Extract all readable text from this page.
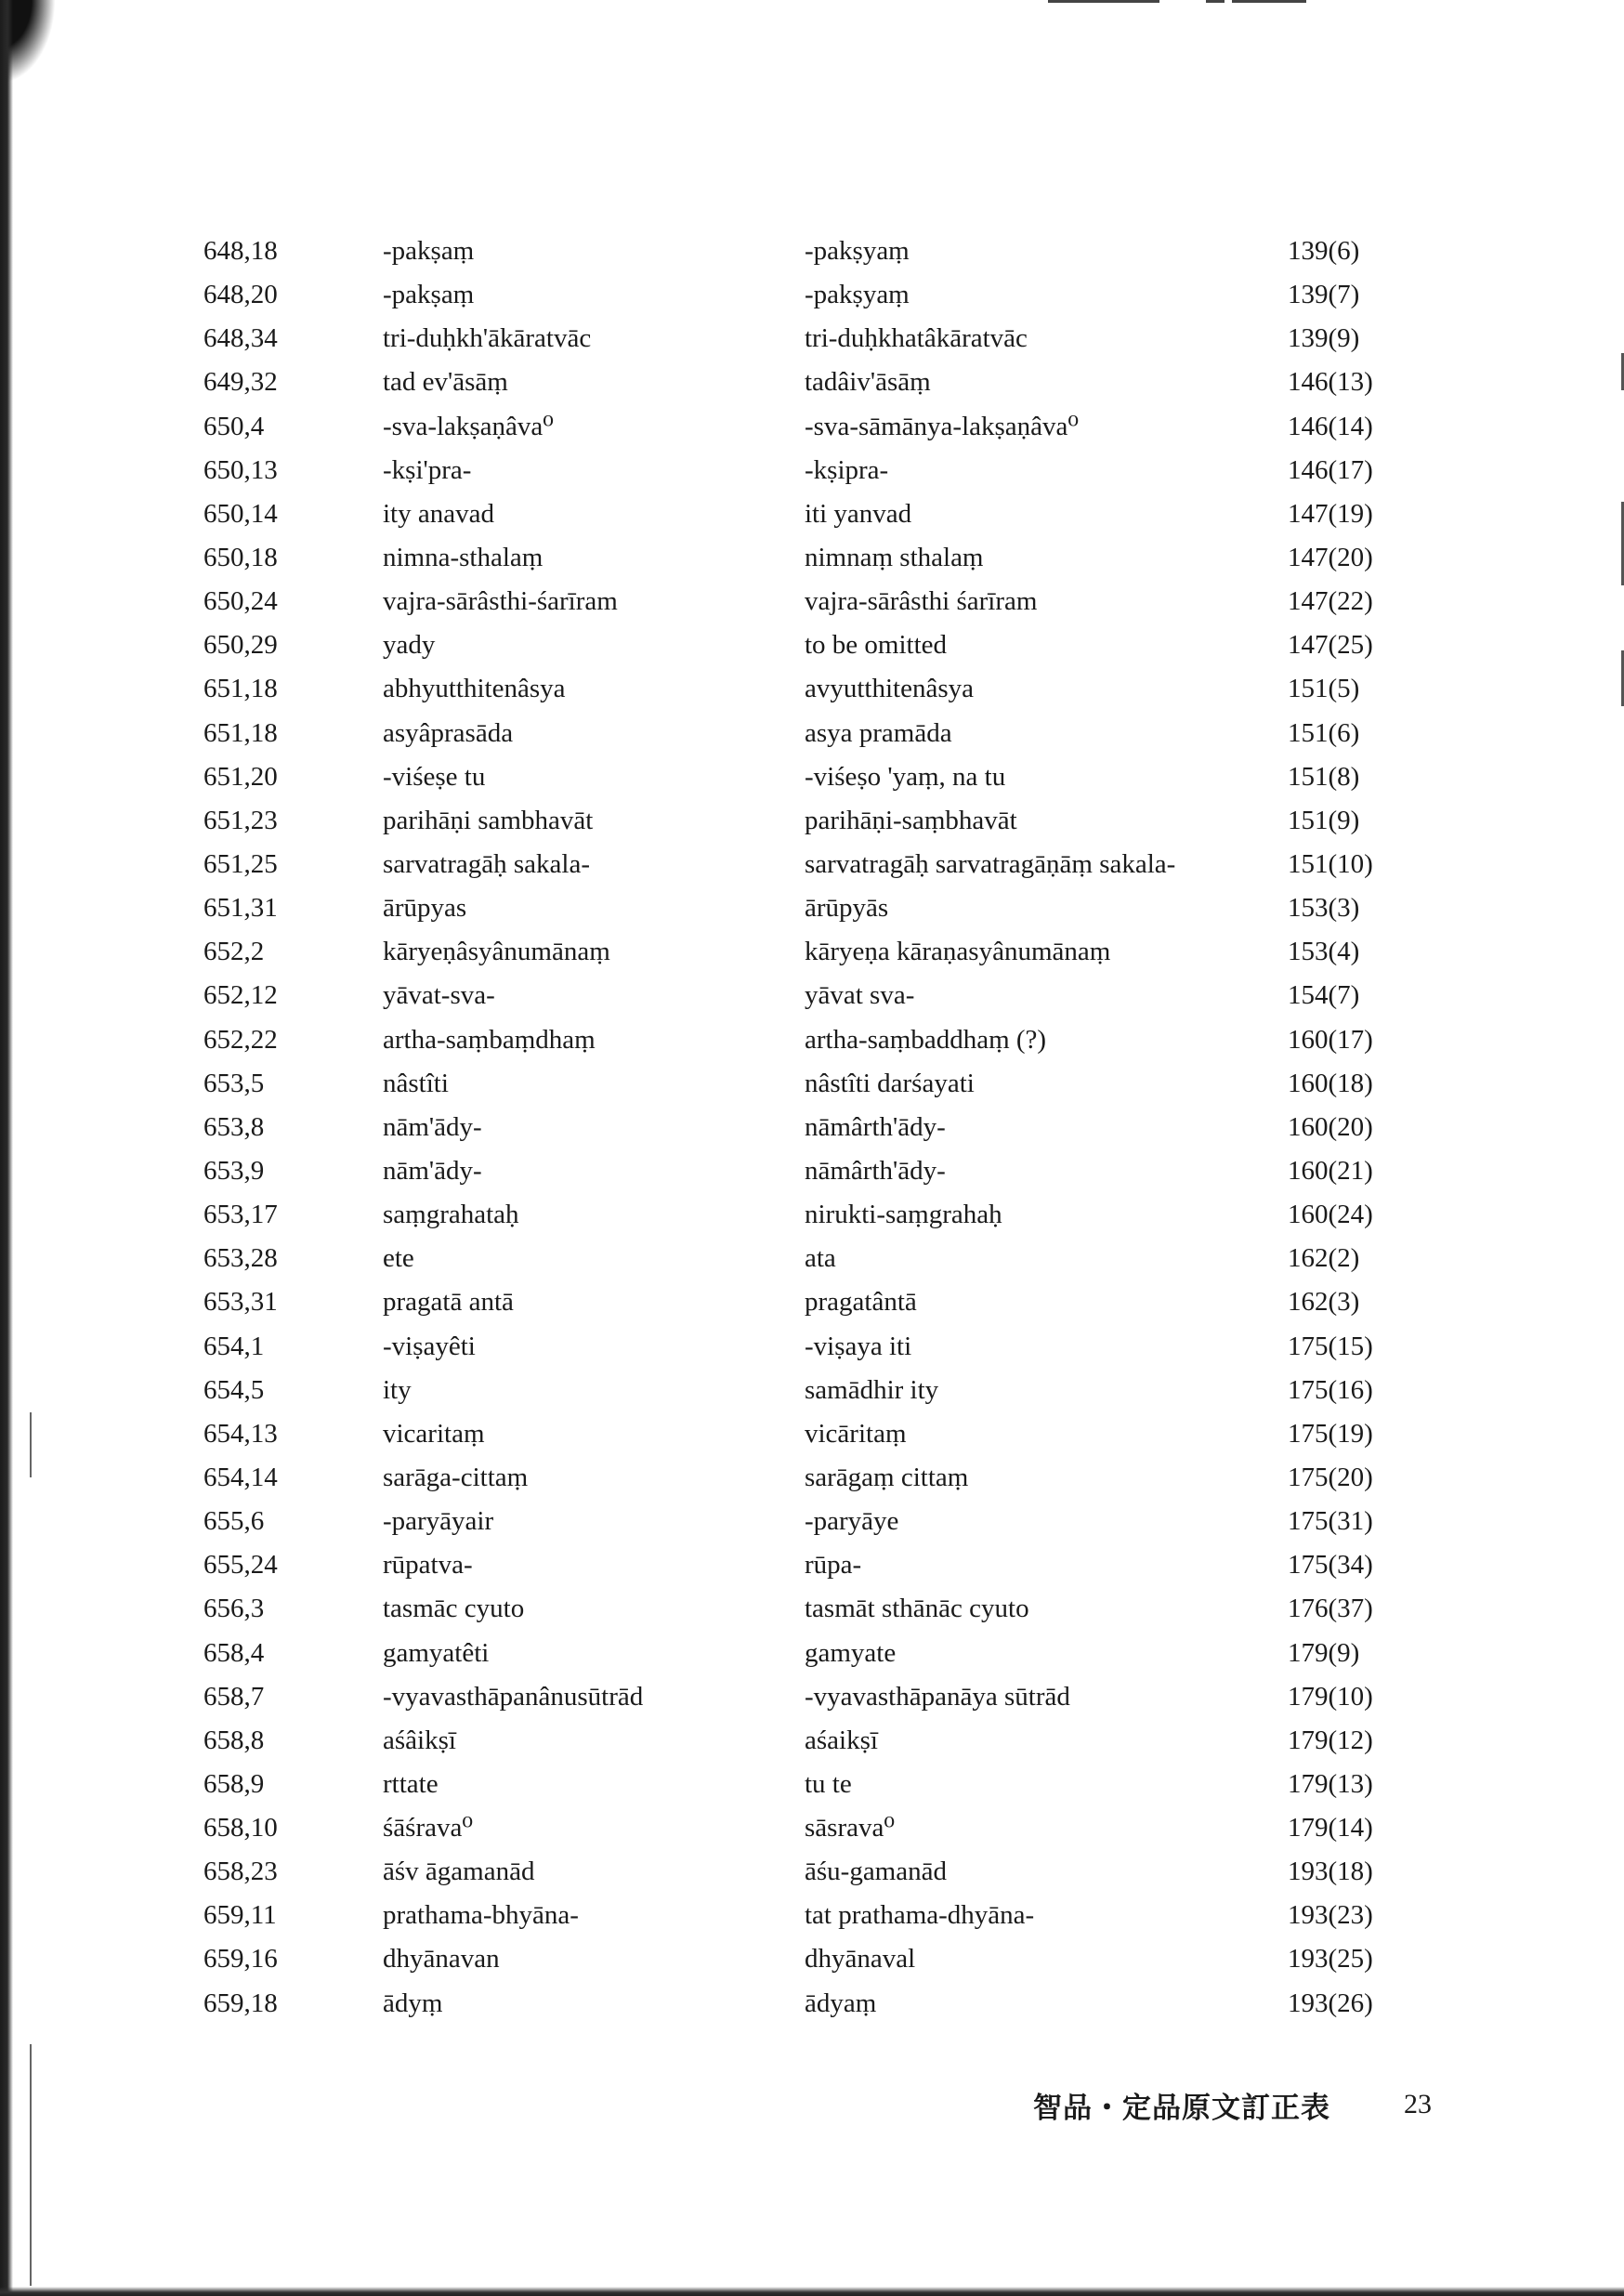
648,18	-pakṣaṃ	-pakṣyaṃ	139(6)
648,20	-pakṣaṃ	-pakṣyaṃ	139(7)
648,34	tri-duḥkh'ākāratvāc	tri-duḥkhatâkāratvāc	139(9)
649,32	tad ev'āsāṃ	tadâiv'āsāṃ	146(13)
650,4	-sva-lakṣaṇâva⁰	-sva-sāmānya-lakṣaṇâva⁰	146(14)
650,13	-kṣi'pra-	-kṣipra-	146(17)
650,14	ity anavad	iti yanvad	147(19)
650,18	nimna-sthalaṃ	nimnaṃ sthalaṃ	147(20)
650,24	vajra-sārâsthi-śarīram	vajra-sārâsthi śarīram	147(22)
650,29	yady	to be omitted	147(25)
651,18	abhyutthitenâsya	avyutthitenâsya	151(5)
651,18	asyâprasāda	asya pramāda	151(6)
651,20	-viśeṣe tu	-viśeṣo 'yaṃ, na tu	151(8)
651,23	parihāṇi sambhavāt	parihāṇi-saṃbhavāt	151(9)
651,25	sarvatragāḥ sakala-	sarvatragāḥ sarvatragāṇāṃ sakala-	151(10)
651,31	ārūpyas	ārūpyās	153(3)
652,2	kāryeṇâsyânumānaṃ	kāryeṇa kāraṇasyânumānaṃ	153(4)
652,12	yāvat-sva-	yāvat sva-	154(7)
652,22	artha-saṃbaṃdhaṃ	artha-saṃbaddhaṃ (?)	160(17)
653,5	nâstîti	nâstîti darśayati	160(18)
653,8	nām'ādy-	nāmârth'ādy-	160(20)
653,9	nām'ādy-	nāmârth'ādy-	160(21)
653,17	saṃgrahataḥ	nirukti-saṃgrahaḥ	160(24)
653,28	ete	ata	162(2)
653,31	pragatā antā	pragatântā	162(3)
654,1	-viṣayêti	-viṣaya iti	175(15)
654,5	ity	samādhir ity	175(16)
654,13	vicaritaṃ	vicāritaṃ	175(19)
654,14	sarāga-cittaṃ	sarāgaṃ cittaṃ	175(20)
655,6	-paryāyair	-paryāye	175(31)
655,24	rūpatva-	rūpa-	175(34)
656,3	tasmāc cyuto	tasmāt sthānāc cyuto	176(37)
658,4	gamyatêti	gamyate	179(9)
658,7	-vyavasthāpanânusūtrād	-vyavasthāpanāya sūtrād	179(10)
658,8	aśâikṣī	aśaikṣī	179(12)
658,9	rttate	tu te	179(13)
658,10	śāśrava⁰	sāsrava⁰	179(14)
658,23	āśv āgamanād	āśu-gamanād	193(18)
659,11	prathama-bhyāna-	tat prathama-dhyāna-	193(23)
659,16	dhyānavan	dhyānaval	193(25)
659,18	ādyṃ	ādyaṃ	193(26)
智品・定品原文訂正表	23
